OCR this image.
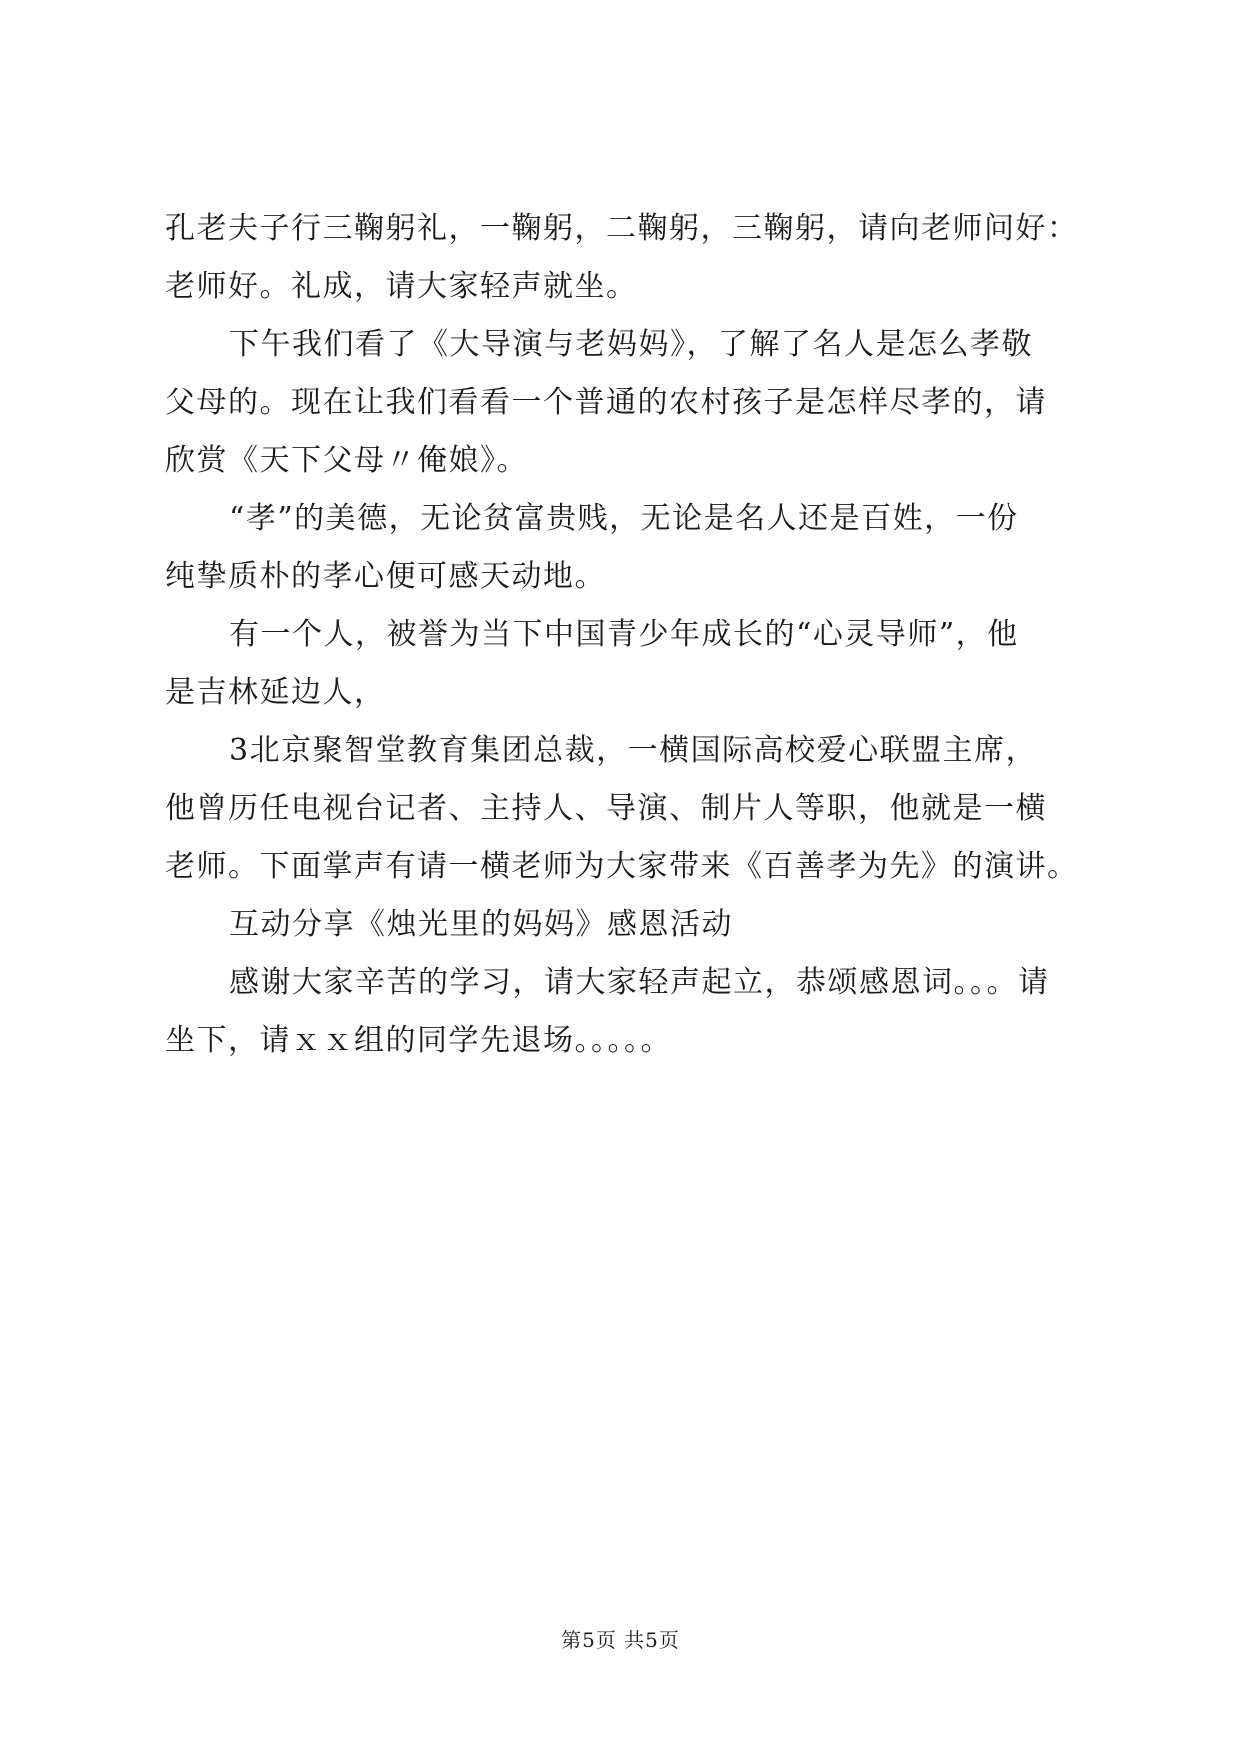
孔老夫子行三鞠躬礼，一鞠躬，二鞠躬，三鞠躬，请向老师问好：
老师好。礼成，请大家轻声就坐。
下午我们看了《大导演与老妈妈》，了解了名人是怎么孝敬
父母的。现在让我们看看一个普通的农村孩子是怎样尽孝的，请
欣赏《天下父母〃俺娘》。
“孝”的美德，无论贫富贵贱，无论是名人还是百姓，一份
纯挚质朴的孝心便可感天动地。
有一个人，被誉为当下中国青少年成长的“心灵导师”，他
是吉林延边人，
3北京聚智堂教育集团总裁，一横国际高校爱心联盟主席，
他曾历任电视台记者、主持人、导演、制片人等职，他就是一横
老师。下面掌声有请一横老师为大家带来《百善孝为先》的演讲。
互动分享《烛光里的妈妈》感恩活动
感谢大家辛苦的学习，请大家轻声起立，恭颂感恩词。。。请
坐下，请ｘｘ组的同学先退场。。。。。
第5页 共5页
